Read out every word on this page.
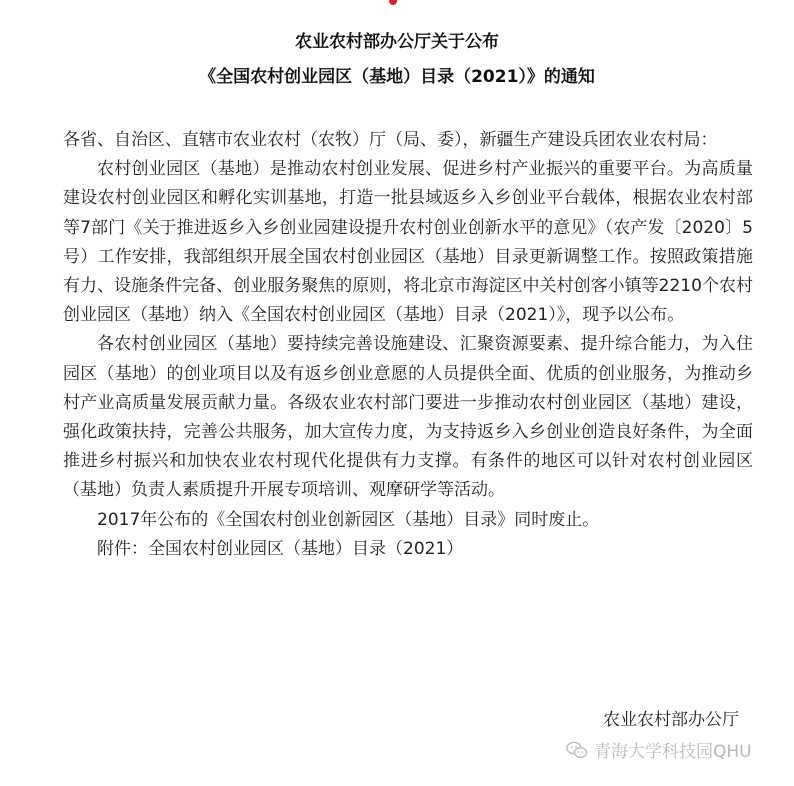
农业农村部办公厅关于公布
《全国农村创业园区（基地）目录（2021）》的通知

各省、自治区、直辖市农业农村（农牧）厅（局、委），新疆生产建设兵团农业农村局：

农村创业园区（基地）是推动农村创业发展、促进乡村产业振兴的重要平台。为高质量建设农村创业园区和孵化实训基地，打造一批县域返乡入乡创业平台载体，根据农业农村部等7部门《关于推进返乡入乡创业园建设提升农村创业创新水平的意见》（农产发〔2020〕5号）工作安排，我部组织开展全国农村创业园区（基地）目录更新调整工作。按照政策措施有力、设施条件完备、创业服务聚焦的原则，将北京市海淀区中关村创客小镇等2210个农村创业园区（基地）纳入《全国农村创业园区（基地）目录（2021）》，现予以公布。

各农村创业园区（基地）要持续完善设施建设、汇聚资源要素、提升综合能力，为入住园区（基地）的创业项目以及有返乡创业意愿的人员提供全面、优质的创业服务，为推动乡村产业高质量发展贡献力量。各级农业农村部门要进一步推动农村创业园区（基地）建设，强化政策扶持，完善公共服务，加大宣传力度，为支持返乡入乡创业创造良好条件，为全面推进乡村振兴和加快农业农村现代化提供有力支撑。有条件的地区可以针对农村创业园区（基地）负责人素质提升开展专项培训、观摩研学等活动。

2017年公布的《全国农村创业创新园区（基地）目录》同时废止。

附件：全国农村创业园区（基地）目录（2021）

农业农村部办公厅
青海大学科技园QHU
